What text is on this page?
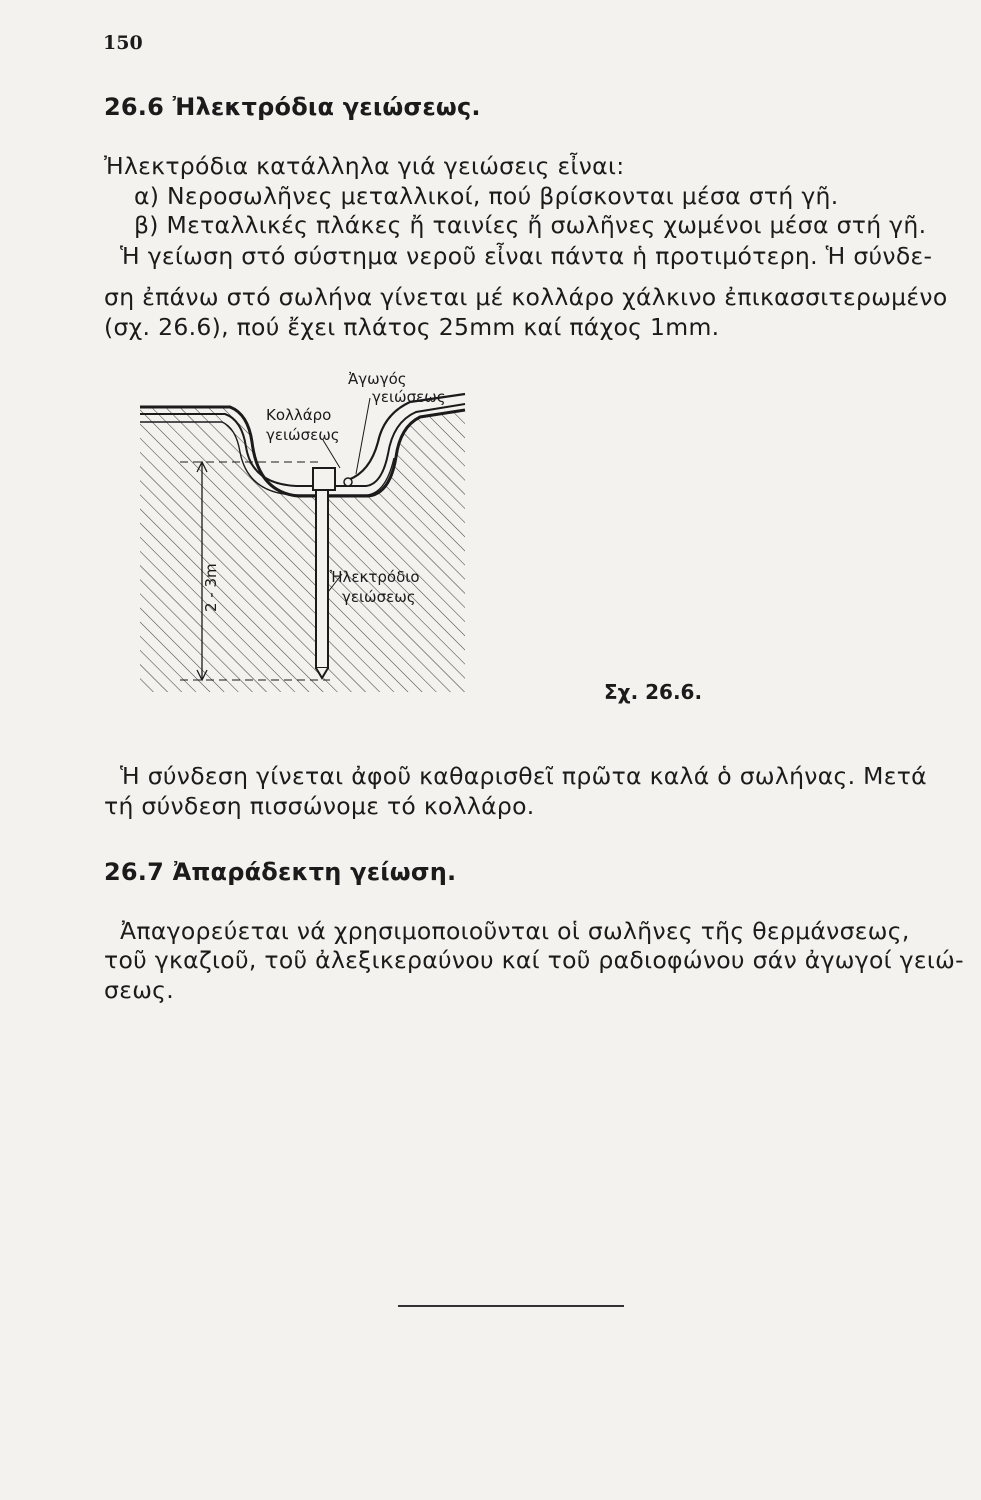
150
26.6 Ἠλεκτρόδια γειώσεως.
Ἠλεκτρόδια κατάλληλα γιά γειώσεις εἶναι:
α) Νεροσωλῆνες μεταλλικοί, πού βρίσκονται μέσα στή γῆ.
β) Μεταλλικές πλάκες ἤ ταινίες ἤ σωλῆνες χωμένοι μέσα στή γῆ.
Ἡ γείωση στό σύστημα νεροῦ εἶναι πάντα ἡ προτιμότερη. Ἡ σύνδε-
ση ἐπάνω στό σωλήνα γίνεται μέ κολλάρο χάλκινο ἐπικασσιτερωμένο
(σχ. 26.6), πού ἔχει πλάτος 25mm καί πάχος 1mm.
Ἀγωγός
γειώσεως
Κολλάρο
γειώσεως
Ἠλεκτρόδιο
γειώσεως
2 - 3m
Σχ. 26.6.
Ἡ σύνδεση γίνεται ἀφοῦ καθαρισθεῖ πρῶτα καλά ὁ σωλήνας. Μετά
τή σύνδεση πισσώνομε τό κολλάρο.
26.7 Ἀπαράδεκτη γείωση.
Ἀπαγορεύεται νά χρησιμοποιοῦνται οἱ σωλῆνες τῆς θερμάνσεως,
τοῦ γκαζιοῦ, τοῦ ἀλεξικεραύνου καί τοῦ ραδιοφώνου σάν ἀγωγοί γειώ-
σεως.
